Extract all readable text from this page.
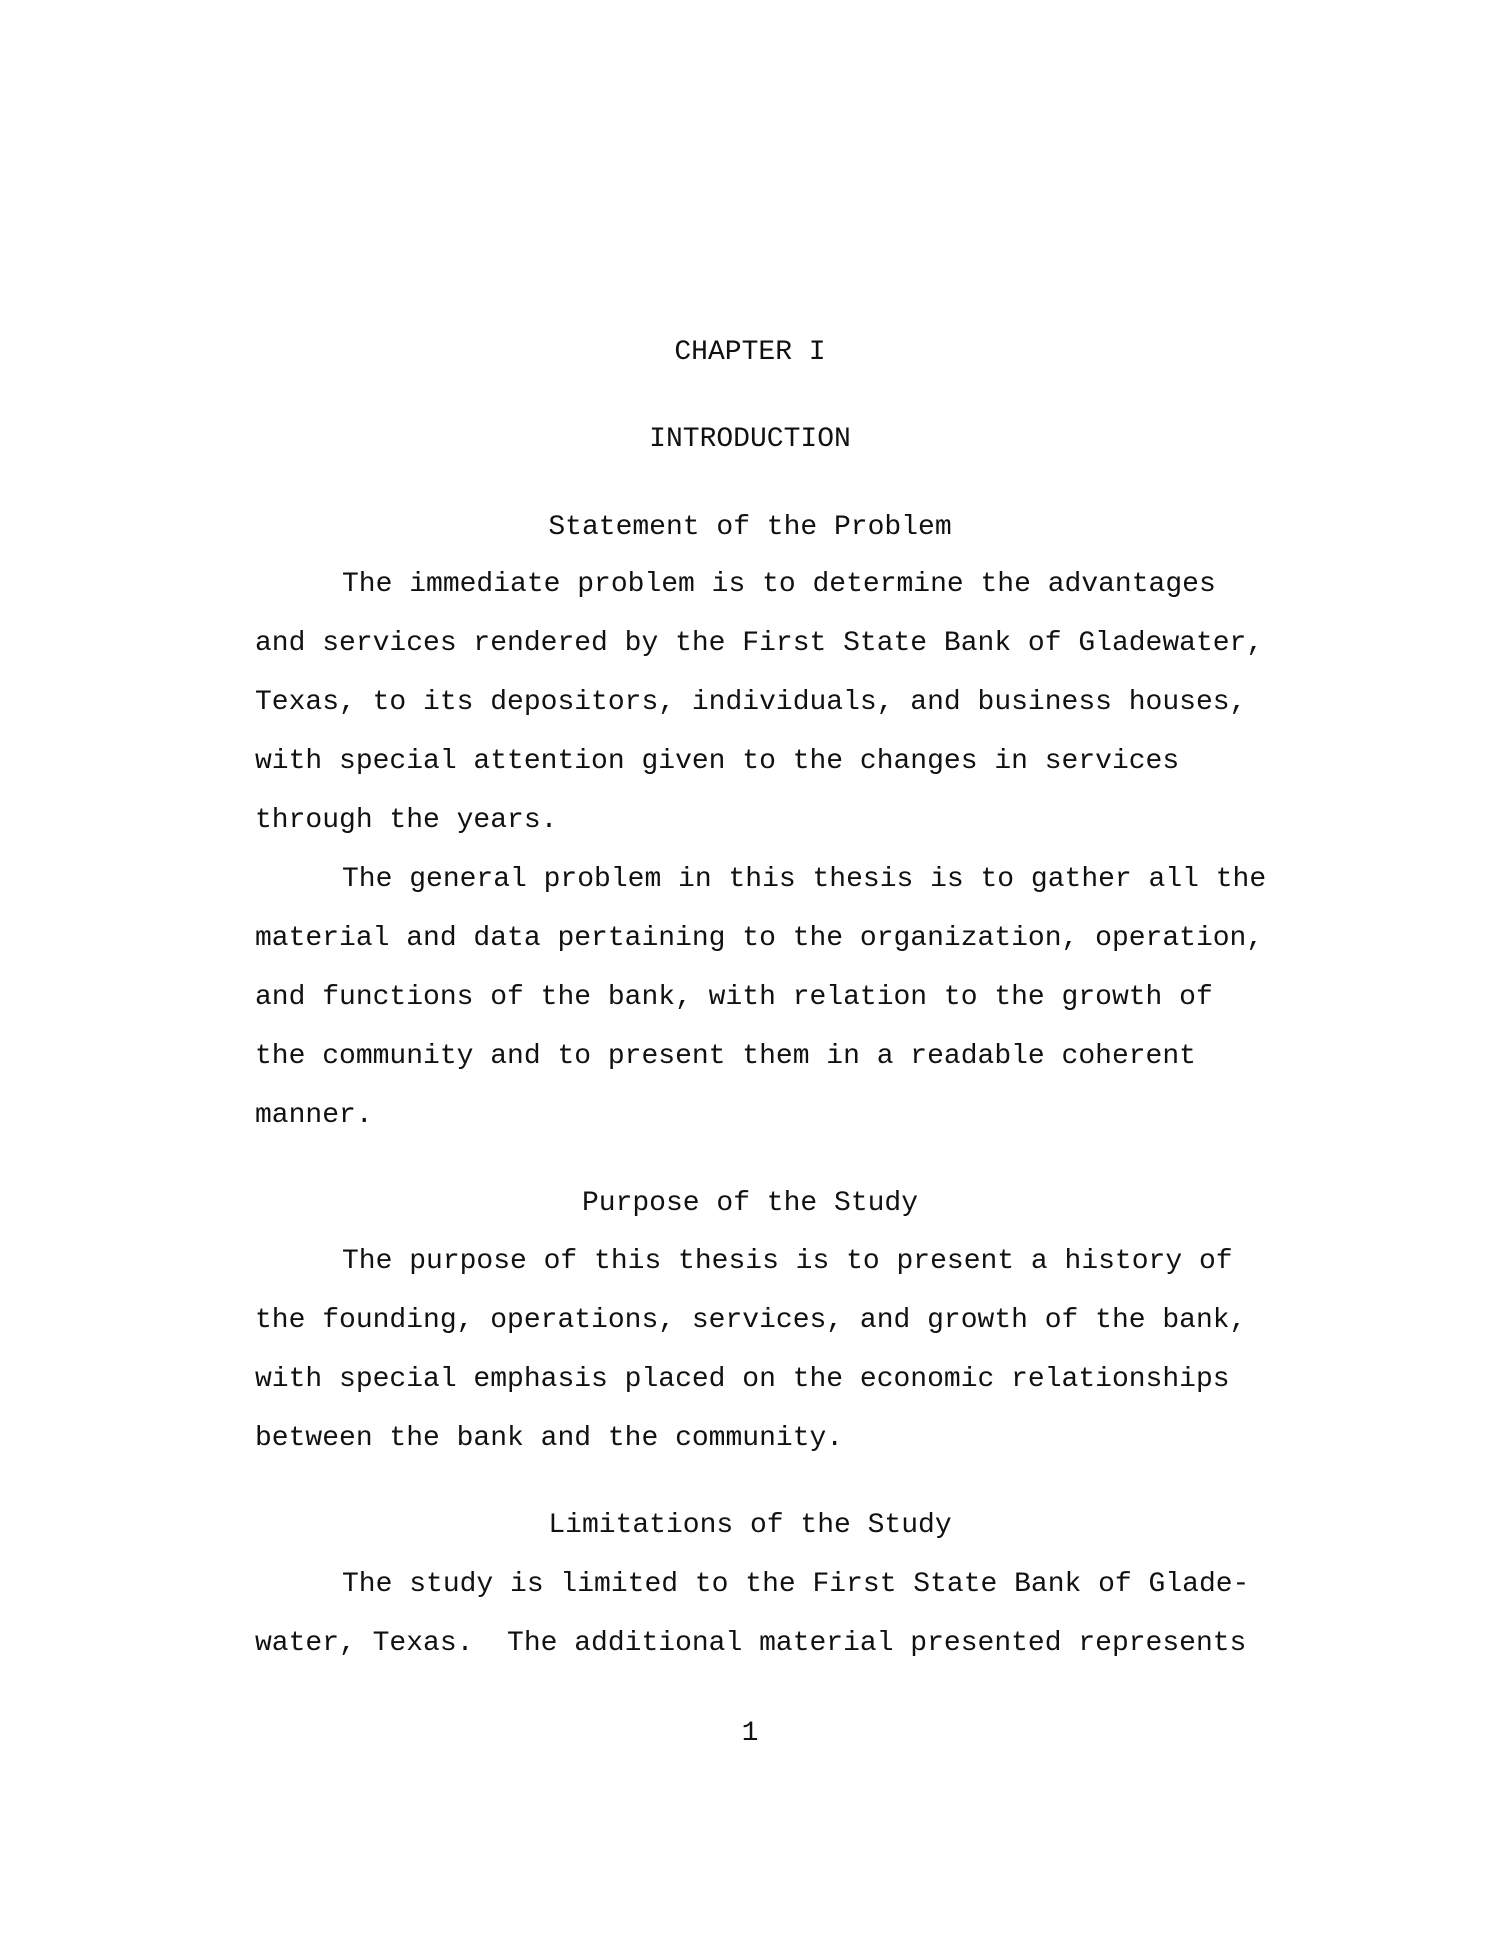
CHAPTER I
INTRODUCTION
Statement of the Problem
The immediate problem is to determine the advantages
and services rendered by the First State Bank of Gladewater,
Texas, to its depositors, individuals, and business houses,
with special attention given to the changes in services
through the years.
The general problem in this thesis is to gather all the
material and data pertaining to the organization, operation,
and functions of the bank, with relation to the growth of
the community and to present them in a readable coherent
manner.
Purpose of the Study
The purpose of this thesis is to present a history of
the founding, operations, services, and growth of the bank,
with special emphasis placed on the economic relationships
between the bank and the community.
Limitations of the Study
The study is limited to the First State Bank of Glade-
water, Texas.  The additional material presented represents
1
